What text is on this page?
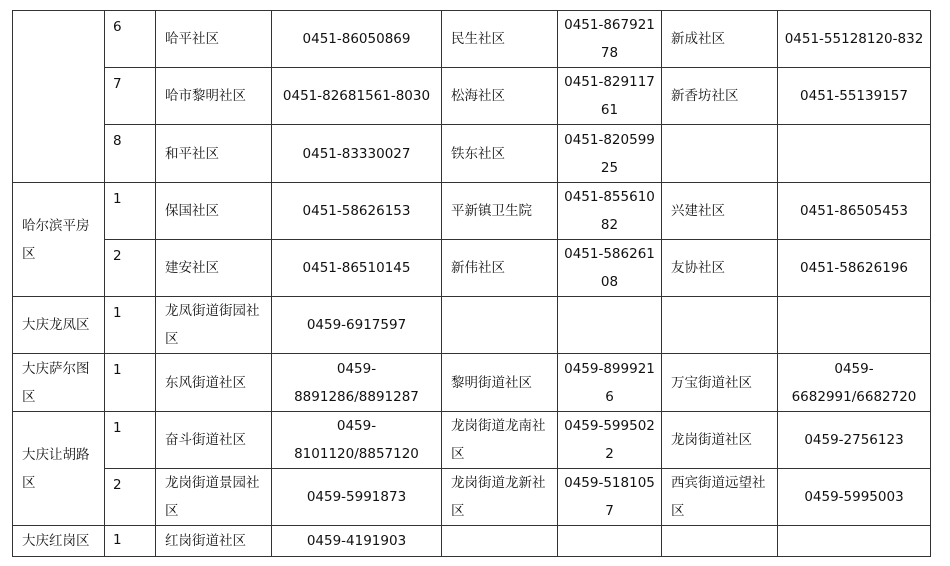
	6	哈平社区	0451-86050869	民生社区	0451-86792178	新成社区	0451-55128120-832
	7	哈市黎明社区	0451-82681561-8030	松海社区	0451-82911761	新香坊社区	0451-55139157
	8	和平社区	0451-83330027	铁东社区	0451-82059925		
哈尔滨平房区	1	保国社区	0451-58626153	平新镇卫生院	0451-85561082	兴建社区	0451-86505453
	2	建安社区	0451-86510145	新伟社区	0451-58626108	友协社区	0451-58626196
大庆龙凤区	1	龙凤街道街园社区	0459-6917597				
大庆萨尔图区	1	东风街道社区	0459-8891286/8891287	黎明街道社区	0459-8999216	万宝街道社区	0459-6682991/6682720
大庆让胡路区	1	奋斗街道社区	0459-8101120/8857120	龙岗街道龙南社区	0459-5995022	龙岗街道社区	0459-2756123
	2	龙岗街道景园社区	0459-5991873	龙岗街道龙新社区	0459-5181057	西宾街道远望社区	0459-5995003
大庆红岗区	1	红岗街道社区	0459-4191903				
